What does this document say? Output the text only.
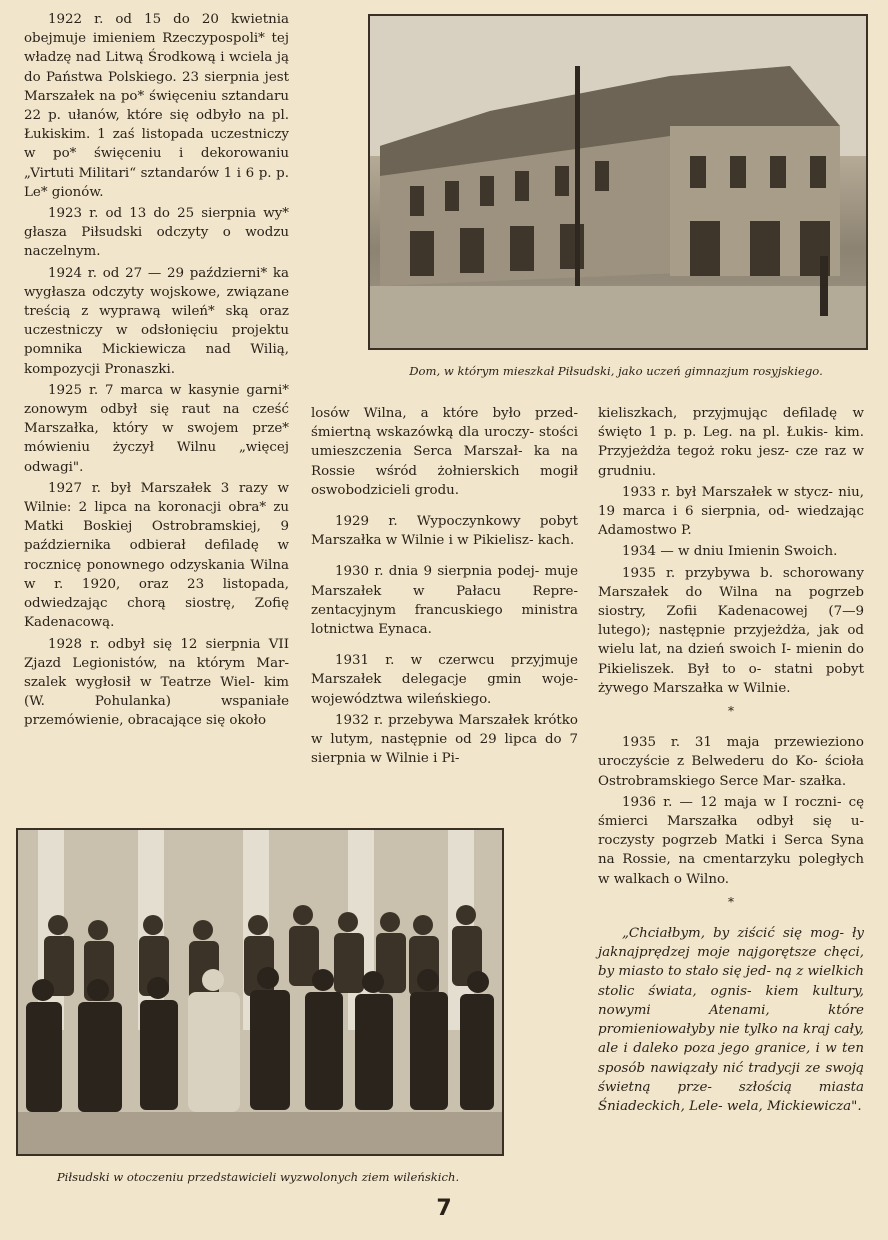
1922 r. od 15 do 20 kwietnia obejmuje imieniem Rzeczypospoli* tej władzę nad Litwą Środkową i wciela ją do Państwa Polskiego. 23 sierpnia jest Marszałek na po* święceniu sztandaru 22 p. ułanów, które się odbyło na pl. Łukiskim. 1 zaś listopada uczestniczy w po* święceniu i dekorowaniu „Virtuti Militari“ sztandarów 1 i 6 p. p. Le* gionów.

1923 r. od 13 do 25 sierpnia wy* głasza Piłsudski odczyty o wodzu naczelnym.

1924 r. od 27 — 29 październi* ka wygłasza odczyty wojskowe, związane treścią z wyprawą wileń* ską oraz uczestniczy w odsłonięciu projektu pomnika Mickiewicza nad Wilią, kompozycji Pronaszki.

1925 r. 7 marca w kasynie garni* zonowym odbył się raut na cześć Marszałka, który w swojem prze* mówieniu życzył Wilnu „więcej odwagi".

1927 r. był Marszałek 3 razy w Wilnie: 2 lipca na koronacji obra* zu Matki Boskiej Ostrobramskiej, 9 października odbierał defiladę w rocznicę ponownego odzyskania Wilna w r. 1920, oraz 23 listopada, odwiedzając chorą siostrę, Zofię Kadenacową.

1928 r. odbył się 12 sierpnia VII Zjazd Legionistów, na którym Mar- szalek wygłosił w Teatrze Wiel- kim (W. Pohulanka) wspaniałe przemówienie, obracające się około

Dom, w którym mieszkał Piłsudski, jako uczeń gimnazjum rosyjskiego.

losów Wilna, a które było przed- śmiertną wskazówką dla uroczy- stości umieszczenia Serca Marszał- ka na Rossie wśród żołnierskich mogił oswobodzicieli grodu.

1929 r. Wypoczynkowy pobyt Marszałka w Wilnie i w Pikielisz- kach.

1930 r. dnia 9 sierpnia podej- muje Marszałek w Pałacu Repre- zentacyjnym francuskiego ministra lotnictwa Eynaca.

1931 r. w czerwcu przyjmuje Marszałek delegacje gmin woje- województwa wileńskiego.

1932 r. przebywa Marszałek krótko w lutym, następnie od 29 lipca do 7 sierpnia w Wilnie i Pi-

kieliszkach, przyjmując defiladę w święto 1 p. p. Leg. na pl. Łukis- kim. Przyjeżdża tegoż roku jesz- cze raz w grudniu.

1933 r. był Marszałek w stycz- niu, 19 marca i 6 sierpnia, od- wiedzając Adamostwo P.

1934 — w dniu Imienin Swoich.

1935 r. przybywa b. schorowany Marszałek do Wilna na pogrzeb siostry, Zofii Kadenacowej (7—9 lutego); następnie przyjeżdża, jak od wielu lat, na dzień swoich I- mienin do Pikieliszek. Był to o- statni pobyt żywego Marszałka w Wilnie.

*

1935 r. 31 maja przewieziono uroczyście z Belwederu do Ko- ścioła Ostrobramskiego Serce Mar- szałka.

1936 r. — 12 maja w I roczni- cę śmierci Marszałka odbył się u- roczysty pogrzeb Matki i Serca Syna na Rossie, na cmentarzyku poległych w walkach o Wilno.

*

„Chciałbym, by ziścić się mog- ły jaknajprędzej moje najgorętsze chęci, by miasto to stało się jed- ną z wielkich stolic świata, ognis- kiem kultury, nowymi Atenami, które promieniowałyby nie tylko na kraj cały, ale i daleko poza jego granice, i w ten sposób nawiązały nić tradycji ze swoją świetną prze- szłością miasta Śniadeckich, Lele- wela, Mickiewicza".

Piłsudski w otoczeniu przedstawicieli wyzwolonych ziem wileńskich.
7
